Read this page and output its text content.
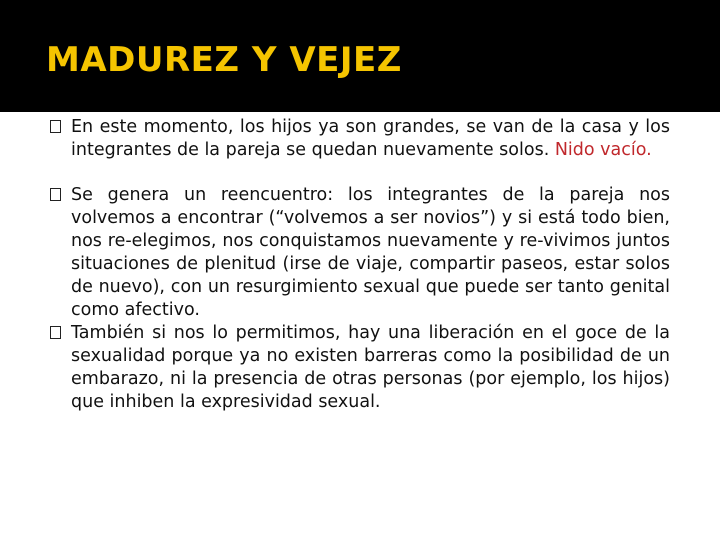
MADUREZ Y VEJEZ
En este momento, los hijos ya son grandes, se van de la casa y los integrantes de la pareja se quedan nuevamente solos. Nido vacío.
Se genera un reencuentro: los integrantes de la pareja nos volvemos a encontrar (“volvemos a ser novios”) y si está todo bien, nos re-elegimos, nos conquistamos nuevamente y re-vivimos juntos situaciones de plenitud (irse de viaje, compartir paseos, estar solos de nuevo), con un resurgimiento sexual que puede ser tanto genital como afectivo.
También si nos lo permitimos, hay una liberación en el goce de la sexualidad porque ya no existen barreras como la posibilidad de un embarazo, ni la presencia de otras personas (por ejemplo, los hijos) que inhiben la expresividad sexual.
